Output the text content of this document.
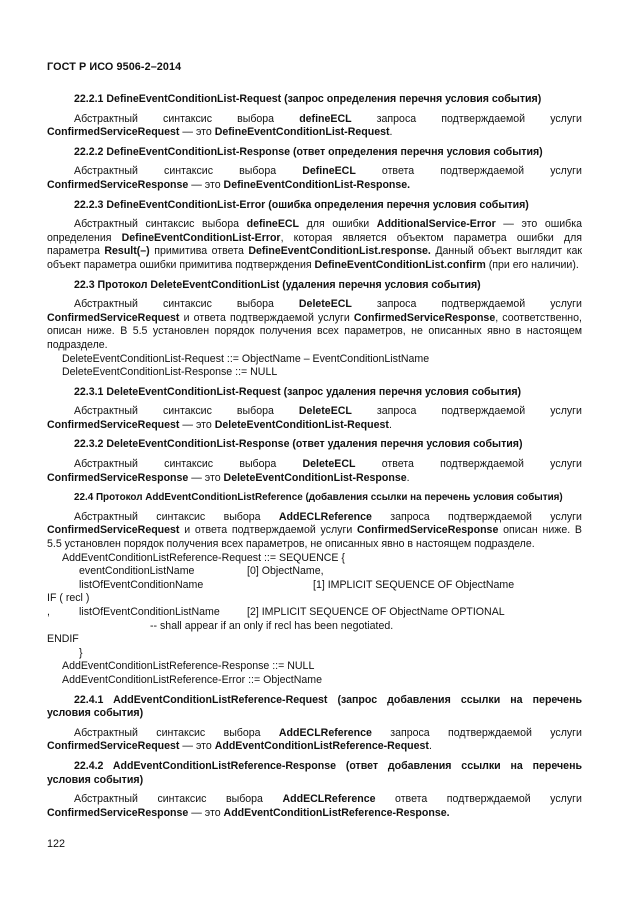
ГОСТ Р ИСО 9506-2–2014
22.2.1 DefineEventConditionList-Request (запрос определения перечня условия события)
Абстрактный синтаксис выбора defineECL запроса подтверждаемой услуги
ConfirmedServiceRequest — это DefineEventConditionList-Request.
22.2.2 DefineEventConditionList-Response (ответ определения перечня условия события)
Абстрактный синтаксис выбора DefineECL ответа подтверждаемой услуги
ConfirmedServiceResponse — это DefineEventConditionList-Response.
22.2.3 DefineEventConditionList-Error (ошибка определения перечня условия события)
Абстрактный синтаксис выбора defineECL для ошибки AdditionalService-Error — это ошибка определения DefineEventConditionList-Error, которая является объектом параметра ошибки для параметра Result(–) примитива ответа DefineEventConditionList.response. Данный объект выглядит как объект параметра ошибки примитива подтверждения DefineEventConditionList.confirm (при его наличии).
22.3 Протокол DeleteEventConditionList (удаления перечня условия события)
Абстрактный синтаксис выбора DeleteECL запроса подтверждаемой услуги
ConfirmedServiceRequest и ответа подтверждаемой услуги ConfirmedServiceResponse, соответственно, описан ниже. В 5.5 установлен порядок получения всех параметров, не описанных явно в настоящем подразделе.
DeleteEventConditionList-Request ::= ObjectName – EventConditionListName
DeleteEventConditionList-Response ::= NULL
22.3.1 DeleteEventConditionList-Request (запрос удаления перечня условия события)
Абстрактный синтаксис выбора DeleteECL запроса подтверждаемой услуги
ConfirmedServiceRequest — это DeleteEventConditionList-Request.
22.3.2 DeleteEventConditionList-Response (ответ удаления перечня условия события)
Абстрактный синтаксис выбора DeleteECL ответа подтверждаемой услуги
ConfirmedServiceResponse — это DeleteEventConditionList-Response.
22.4 Протокол AddEventConditionListReference (добавления ссылки на перечень условия события)
Абстрактный синтаксис выбора AddECLReference запроса подтверждаемой услуги
ConfirmedServiceRequest и ответа подтверждаемой услуги ConfirmedServiceResponse описан ниже. В 5.5 установлен порядок получения всех параметров, не описанных явно в настоящем подразделе.
AddEventConditionListReference-Request ::= SEQUENCE {
eventConditionListName	[0] ObjectName,
listOfEventConditionName	[1] IMPLICIT SEQUENCE OF ObjectName
IF ( recl )
,	listOfEventConditionListName	[2] IMPLICIT SEQUENCE OF ObjectName OPTIONAL
-- shall appear if an only if recl has been negotiated.
ENDIF
}
AddEventConditionListReference-Response ::= NULL
AddEventConditionListReference-Error ::= ObjectName
22.4.1 AddEventConditionListReference-Request (запрос добавления ссылки на перечень условия события)
Абстрактный синтаксис выбора AddECLReference запроса подтверждаемой услуги
ConfirmedServiceRequest — это AddEventConditionListReference-Request.
22.4.2 AddEventConditionListReference-Response (ответ добавления ссылки на перечень условия события)
Абстрактный синтаксис выбора AddECLReference ответа подтверждаемой услуги
ConfirmedServiceResponse — это AddEventConditionListReference-Response.
122
